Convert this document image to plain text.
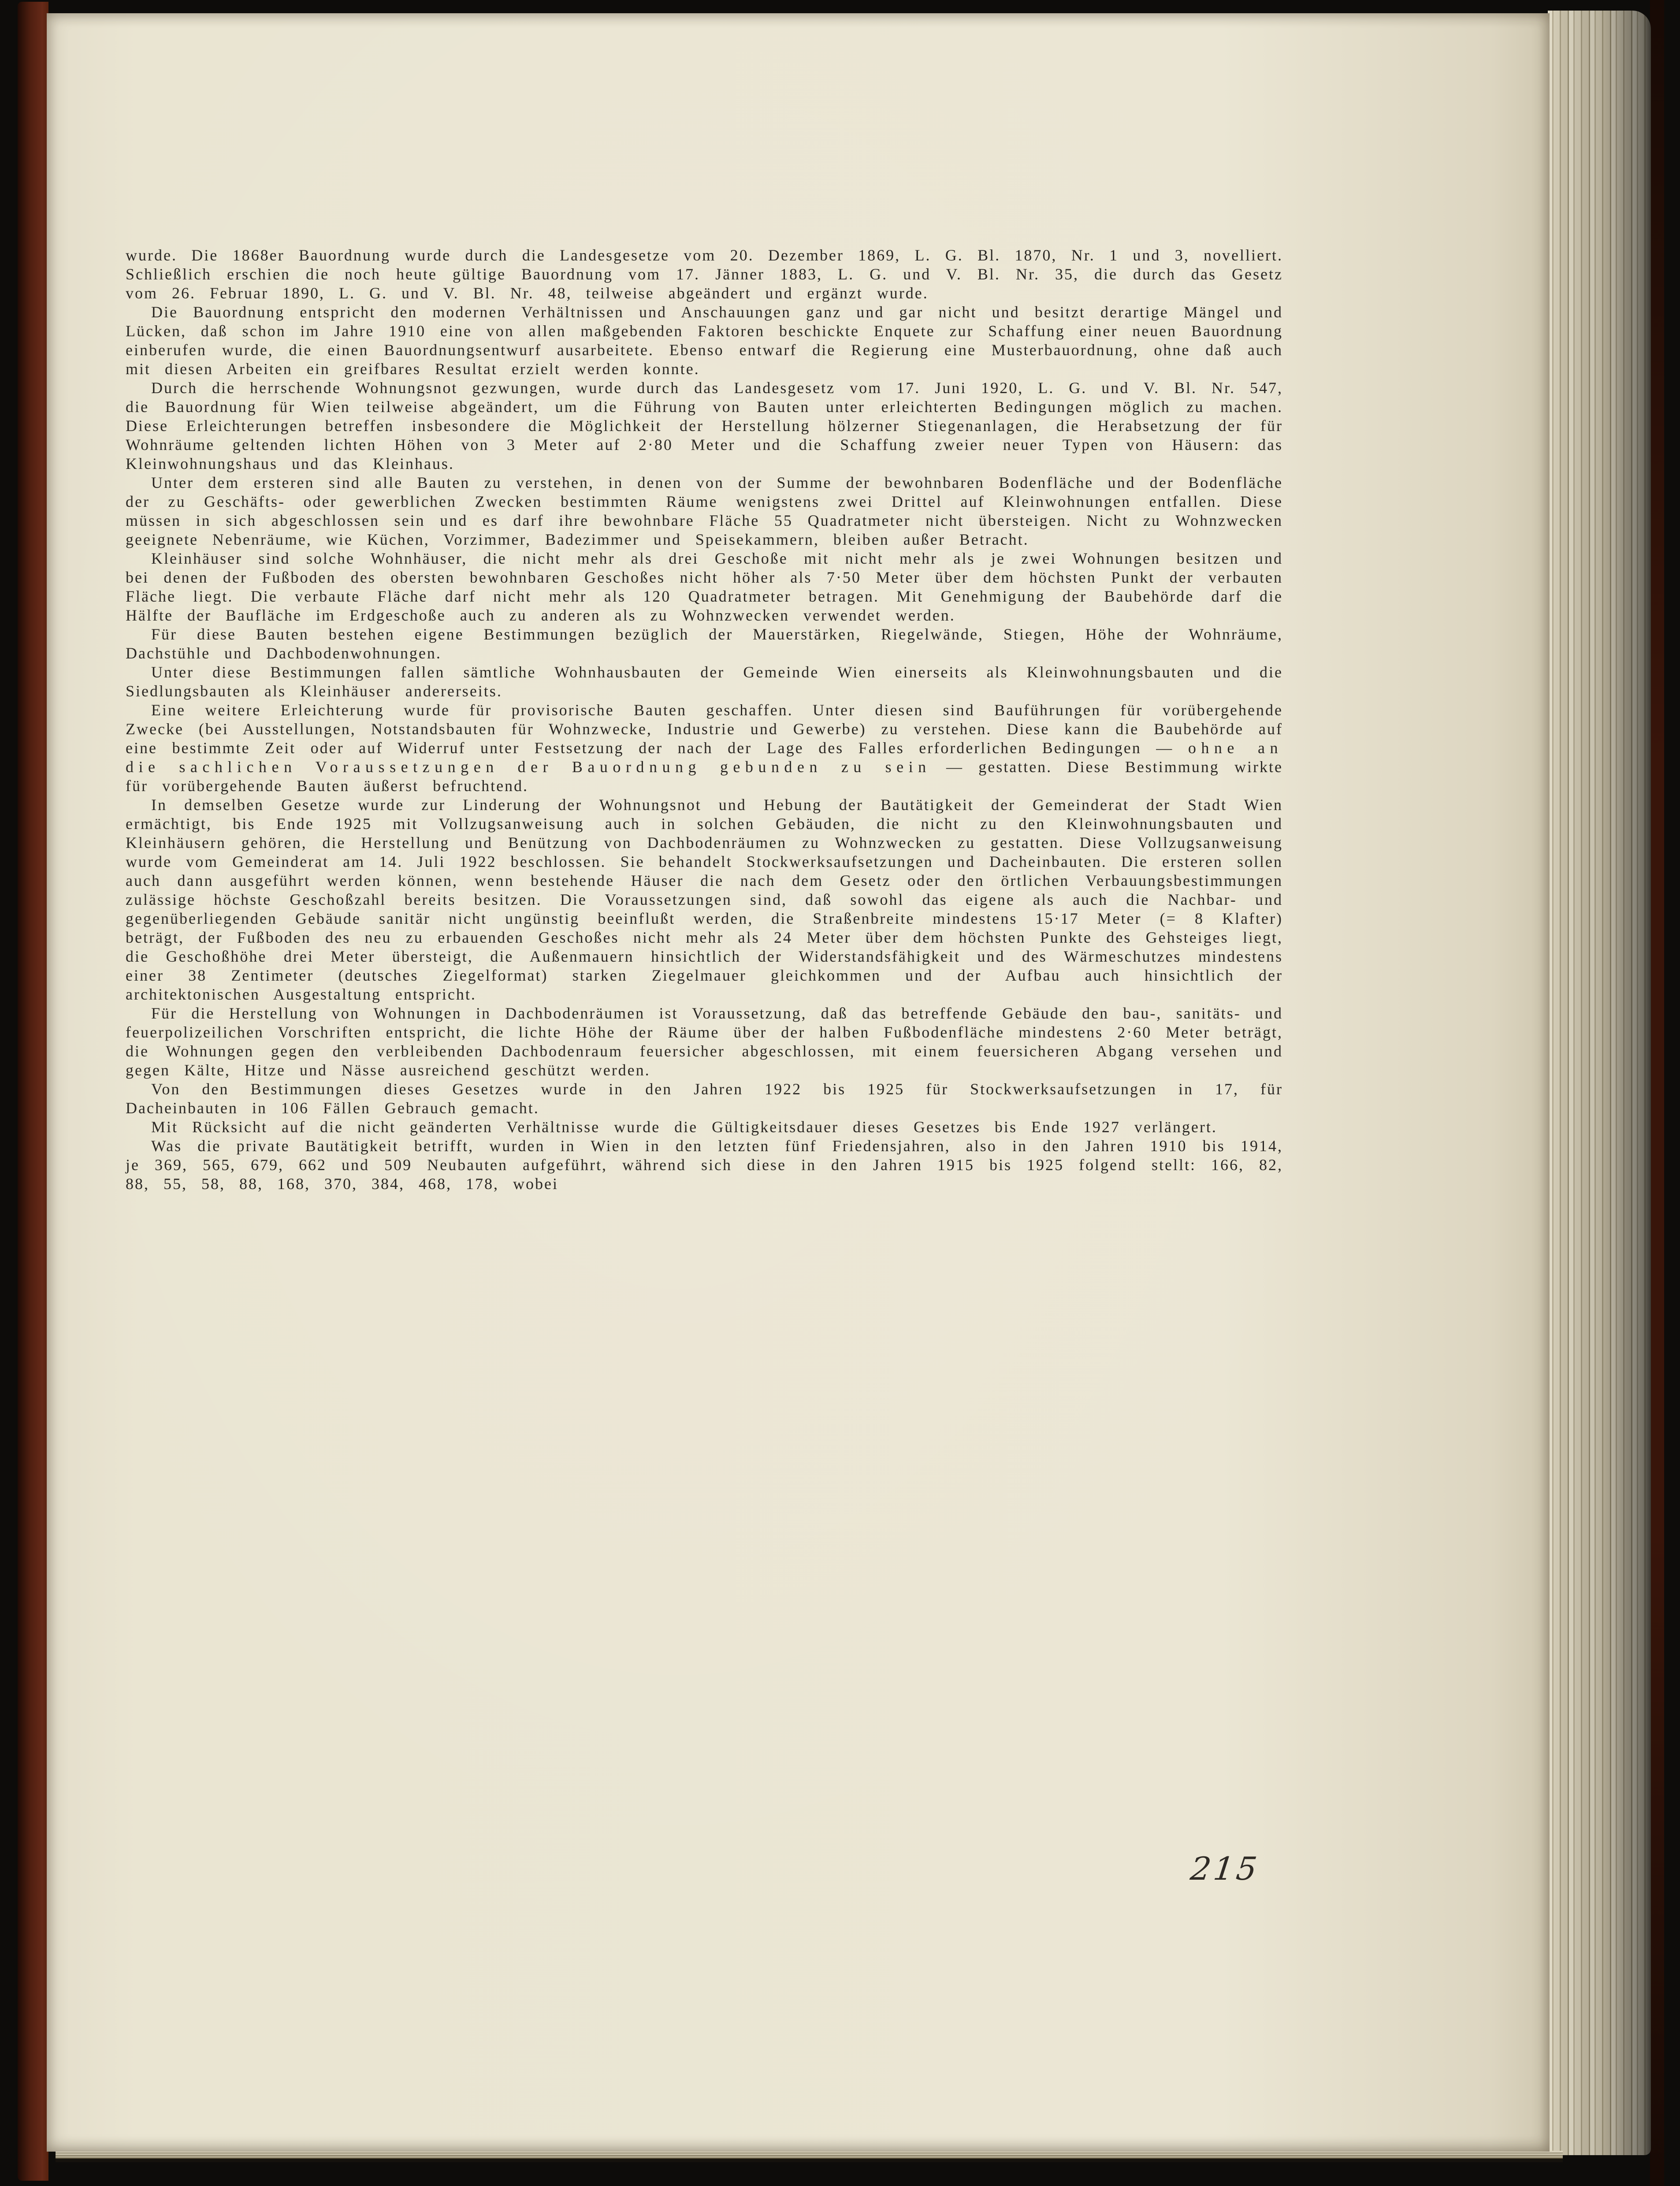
wurde. Die 1868er Bauordnung wurde durch die Landesgesetze vom 20. Dezember 1869, L. G. Bl. 1870, Nr. 1 und 3, novelliert. Schließlich erschien die noch heute gültige Bauordnung vom 17. Jänner 1883, L. G. und V. Bl. Nr. 35, die durch das Gesetz vom 26. Februar 1890, L. G. und V. Bl. Nr. 48, teilweise abgeändert und ergänzt wurde.

Die Bauordnung entspricht den modernen Verhältnissen und Anschauungen ganz und gar nicht und besitzt derartige Mängel und Lücken, daß schon im Jahre 1910 eine von allen maßgebenden Faktoren beschickte Enquete zur Schaffung einer neuen Bauordnung einberufen wurde, die einen Bauordnungsentwurf ausarbeitete. Ebenso entwarf die Regierung eine Musterbauordnung, ohne daß auch mit diesen Arbeiten ein greifbares Resultat erzielt werden konnte.

Durch die herrschende Wohnungsnot gezwungen, wurde durch das Landesgesetz vom 17. Juni 1920, L. G. und V. Bl. Nr. 547, die Bauordnung für Wien teilweise abgeändert, um die Führung von Bauten unter erleichterten Bedingungen möglich zu machen. Diese Erleichterungen betreffen insbesondere die Möglichkeit der Herstellung hölzerner Stiegenanlagen, die Herabsetzung der für Wohnräume geltenden lichten Höhen von 3 Meter auf 2·80 Meter und die Schaffung zweier neuer Typen von Häusern: das Kleinwohnungshaus und das Kleinhaus.

Unter dem ersteren sind alle Bauten zu verstehen, in denen von der Summe der bewohnbaren Bodenfläche und der Bodenfläche der zu Geschäfts- oder gewerblichen Zwecken bestimmten Räume wenigstens zwei Drittel auf Kleinwohnungen entfallen. Diese müssen in sich abgeschlossen sein und es darf ihre bewohnbare Fläche 55 Quadratmeter nicht übersteigen. Nicht zu Wohnzwecken geeignete Nebenräume, wie Küchen, Vorzimmer, Badezimmer und Speisekammern, bleiben außer Betracht.

Kleinhäuser sind solche Wohnhäuser, die nicht mehr als drei Geschoße mit nicht mehr als je zwei Wohnungen besitzen und bei denen der Fußboden des obersten bewohnbaren Geschoßes nicht höher als 7·50 Meter über dem höchsten Punkt der verbauten Fläche liegt. Die verbaute Fläche darf nicht mehr als 120 Quadratmeter betragen. Mit Genehmigung der Baubehörde darf die Hälfte der Baufläche im Erdgeschoße auch zu anderen als zu Wohnzwecken verwendet werden.

Für diese Bauten bestehen eigene Bestimmungen bezüglich der Mauerstärken, Riegelwände, Stiegen, Höhe der Wohnräume, Dachstühle und Dachbodenwohnungen.

Unter diese Bestimmungen fallen sämtliche Wohnhausbauten der Gemeinde Wien einerseits als Kleinwohnungsbauten und die Siedlungsbauten als Kleinhäuser andererseits.

Eine weitere Erleichterung wurde für provisorische Bauten geschaffen. Unter diesen sind Bauführungen für vorübergehende Zwecke (bei Ausstellungen, Notstandsbauten für Wohnzwecke, Industrie und Gewerbe) zu verstehen. Diese kann die Baubehörde auf eine bestimmte Zeit oder auf Widerruf unter Festsetzung der nach der Lage des Falles erforderlichen Bedingungen — ohne an die sachlichen Voraussetzungen der Bauordnung gebunden zu sein — gestatten. Diese Bestimmung wirkte für vorübergehende Bauten äußerst befruchtend.

In demselben Gesetze wurde zur Linderung der Wohnungsnot und Hebung der Bautätigkeit der Gemeinderat der Stadt Wien ermächtigt, bis Ende 1925 mit Vollzugsanweisung auch in solchen Gebäuden, die nicht zu den Kleinwohnungsbauten und Kleinhäusern gehören, die Herstellung und Benützung von Dachbodenräumen zu Wohnzwecken zu gestatten. Diese Vollzugsanweisung wurde vom Gemeinderat am 14. Juli 1922 beschlossen. Sie behandelt Stockwerksaufsetzungen und Dacheinbauten. Die ersteren sollen auch dann ausgeführt werden können, wenn bestehende Häuser die nach dem Gesetz oder den örtlichen Verbauungsbestimmungen zulässige höchste Geschoßzahl bereits besitzen. Die Voraussetzungen sind, daß sowohl das eigene als auch die Nachbar- und gegenüberliegenden Gebäude sanitär nicht ungünstig beeinflußt werden, die Straßenbreite mindestens 15·17 Meter (= 8 Klafter) beträgt, der Fußboden des neu zu erbauenden Geschoßes nicht mehr als 24 Meter über dem höchsten Punkte des Gehsteiges liegt, die Geschoßhöhe drei Meter übersteigt, die Außenmauern hinsichtlich der Widerstandsfähigkeit und des Wärmeschutzes mindestens einer 38 Zentimeter (deutsches Ziegelformat) starken Ziegelmauer gleichkommen und der Aufbau auch hinsichtlich der architektonischen Ausgestaltung entspricht.

Für die Herstellung von Wohnungen in Dachbodenräumen ist Voraussetzung, daß das betreffende Gebäude den bau-, sanitäts- und feuerpolizeilichen Vorschriften entspricht, die lichte Höhe der Räume über der halben Fußbodenfläche mindestens 2·60 Meter beträgt, die Wohnungen gegen den verbleibenden Dachbodenraum feuersicher abgeschlossen, mit einem feuersicheren Abgang versehen und gegen Kälte, Hitze und Nässe ausreichend geschützt werden.

Von den Bestimmungen dieses Gesetzes wurde in den Jahren 1922 bis 1925 für Stockwerksaufsetzungen in 17, für Dacheinbauten in 106 Fällen Gebrauch gemacht.

Mit Rücksicht auf die nicht geänderten Verhältnisse wurde die Gültigkeitsdauer dieses Gesetzes bis Ende 1927 verlängert.

Was die private Bautätigkeit betrifft, wurden in Wien in den letzten fünf Friedensjahren, also in den Jahren 1910 bis 1914, je 369, 565, 679, 662 und 509 Neubauten aufgeführt, während sich diese in den Jahren 1915 bis 1925 folgend stellt: 166, 82, 88, 55, 58, 88, 168, 370, 384, 468, 178, wobei

215
